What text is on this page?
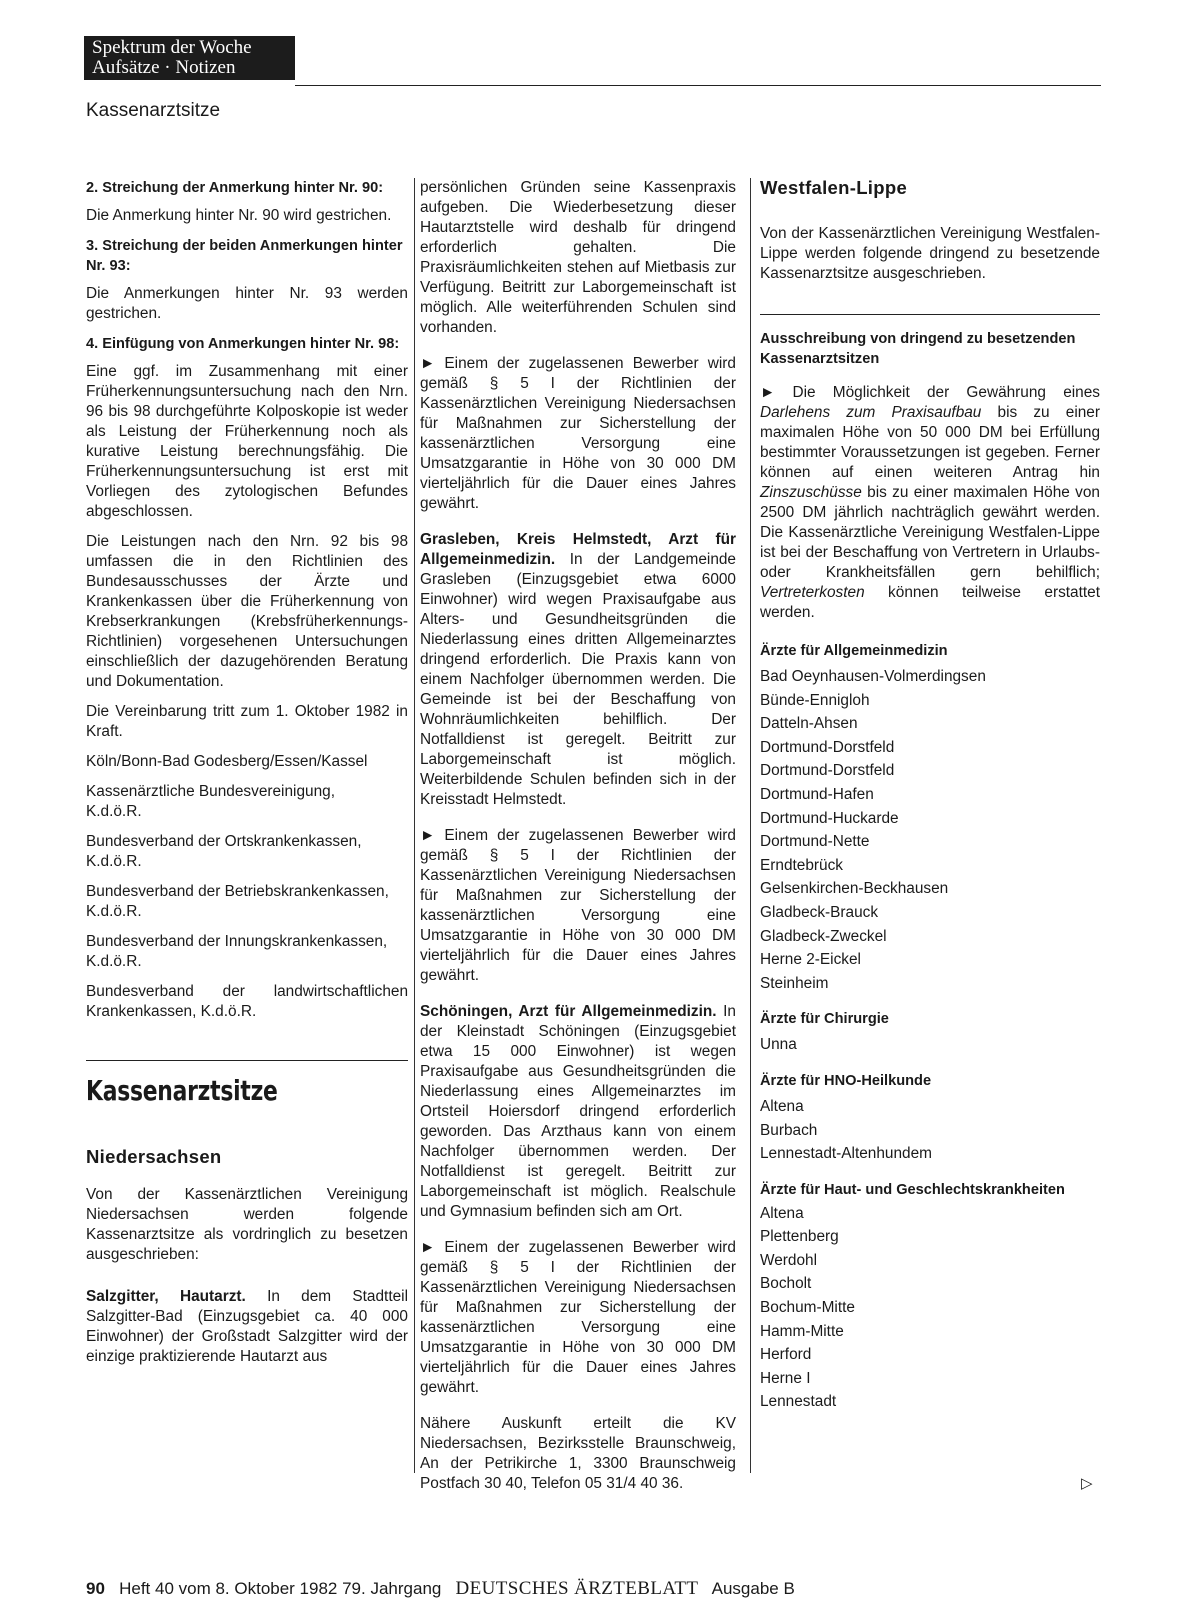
Spektrum der Woche
Aufsätze · Notizen
Kassenarztsitze
2. Streichung der Anmerkung hinter Nr. 90:

Die Anmerkung hinter Nr. 90 wird gestrichen.

3. Streichung der beiden Anmerkungen hinter Nr. 93:

Die Anmerkungen hinter Nr. 93 werden gestrichen.

4. Einfügung von Anmerkungen hinter Nr. 98:

Eine ggf. im Zusammenhang mit einer Früherkennungsuntersuchung nach den Nrn. 96 bis 98 durchgeführte Kolposkopie ist weder als Leistung der Früherkennung noch als kurative Leistung berechnungsfähig. Die Früherkennungsuntersuchung ist erst mit Vorliegen des zytologischen Befundes abgeschlossen.

Die Leistungen nach den Nrn. 92 bis 98 umfassen die in den Richtlinien des Bundesausschusses der Ärzte und Krankenkassen über die Früherkennung von Krebserkrankungen (Krebsfrüherkennungs-Richtlinien) vorgesehenen Untersuchungen einschließlich der dazugehörenden Beratung und Dokumentation.

Die Vereinbarung tritt zum 1. Oktober 1982 in Kraft.

Köln/Bonn-Bad Godesberg/Essen/Kassel

Kassenärztliche Bundesvereinigung,
K.d.ö.R.

Bundesverband der Ortskrankenkassen,
K.d.ö.R.

Bundesverband der Betriebskrankenkassen,
K.d.ö.R.

Bundesverband der Innungskrankenkassen,
K.d.ö.R.

Bundesverband der landwirtschaftlichen Krankenkassen, K.d.ö.R.

Kassenarztsitze
Niedersachsen

Von der Kassenärztlichen Vereinigung Niedersachsen werden folgende Kassenarztsitze als vordringlich zu besetzen ausgeschrieben:

Salzgitter, Hautarzt. In dem Stadtteil Salzgitter-Bad (Einzugsgebiet ca. 40 000 Einwohner) der Großstadt Salzgitter wird der einzige praktizierende Hautarzt aus

persönlichen Gründen seine Kassenpraxis aufgeben. Die Wiederbesetzung dieser Hautarztstelle wird deshalb für dringend erforderlich gehalten. Die Praxisräumlichkeiten stehen auf Mietbasis zur Verfügung. Beitritt zur Laborgemeinschaft ist möglich. Alle weiterführenden Schulen sind vorhanden.

► Einem der zugelassenen Bewerber wird gemäß § 5 I der Richtlinien der Kassenärztlichen Vereinigung Niedersachsen für Maßnahmen zur Sicherstellung der kassenärztlichen Versorgung eine Umsatzgarantie in Höhe von 30 000 DM vierteljährlich für die Dauer eines Jahres gewährt.

Grasleben, Kreis Helmstedt, Arzt für Allgemeinmedizin. In der Landgemeinde Grasleben (Einzugsgebiet etwa 6000 Einwohner) wird wegen Praxisaufgabe aus Alters- und Gesundheitsgründen die Niederlassung eines dritten Allgemeinarztes dringend erforderlich. Die Praxis kann von einem Nachfolger übernommen werden. Die Gemeinde ist bei der Beschaffung von Wohnräumlichkeiten behilflich. Der Notfalldienst ist geregelt. Beitritt zur Laborgemeinschaft ist möglich. Weiterbildende Schulen befinden sich in der Kreisstadt Helmstedt.

► Einem der zugelassenen Bewerber wird gemäß § 5 I der Richtlinien der Kassenärztlichen Vereinigung Niedersachsen für Maßnahmen zur Sicherstellung der kassenärztlichen Versorgung eine Umsatzgarantie in Höhe von 30 000 DM vierteljährlich für die Dauer eines Jahres gewährt.

Schöningen, Arzt für Allgemeinmedizin. In der Kleinstadt Schöningen (Einzugsgebiet etwa 15 000 Einwohner) ist wegen Praxisaufgabe aus Gesundheitsgründen die Niederlassung eines Allgemeinarztes im Ortsteil Hoiersdorf dringend erforderlich geworden. Das Arzthaus kann von einem Nachfolger übernommen werden. Der Notfalldienst ist geregelt. Beitritt zur Laborgemeinschaft ist möglich. Realschule und Gymnasium befinden sich am Ort.

► Einem der zugelassenen Bewerber wird gemäß § 5 I der Richtlinien der Kassenärztlichen Vereinigung Niedersachsen für Maßnahmen zur Sicherstellung der kassenärztlichen Versorgung eine Umsatzgarantie in Höhe von 30 000 DM vierteljährlich für die Dauer eines Jahres gewährt.

Nähere Auskunft erteilt die KV Niedersachsen, Bezirksstelle Braunschweig, An der Petrikirche 1, 3300 Braunschweig Postfach 30 40, Telefon 05 31/4 40 36.

Westfalen-Lippe

Von der Kassenärztlichen Vereinigung Westfalen-Lippe werden folgende dringend zu besetzende Kassenarztsitze ausgeschrieben.

Ausschreibung von dringend zu besetzenden Kassenarztsitzen

► Die Möglichkeit der Gewährung eines Darlehens zum Praxisaufbau bis zu einer maximalen Höhe von 50 000 DM bei Erfüllung bestimmter Voraussetzungen ist gegeben. Ferner können auf einen weiteren Antrag hin Zinszuschüsse bis zu einer maximalen Höhe von 2500 DM jährlich nachträglich gewährt werden. Die Kassenärztliche Vereinigung Westfalen-Lippe ist bei der Beschaffung von Vertretern in Urlaubs- oder Krankheitsfällen gern behilflich; Vertreterkosten können teilweise erstattet werden.

Ärzte für Allgemeinmedizin
Bad Oeynhausen-Volmerdingsen
Bünde-Ennigloh
Datteln-Ahsen
Dortmund-Dorstfeld
Dortmund-Dorstfeld
Dortmund-Hafen
Dortmund-Huckarde
Dortmund-Nette
Erndtebrück
Gelsenkirchen-Beckhausen
Gladbeck-Brauck
Gladbeck-Zweckel
Herne 2-Eickel
Steinheim
Ärzte für Chirurgie
Unna
Ärzte für HNO-Heilkunde
Altena
Burbach
Lennestadt-Altenhundem
Ärzte für Haut- und Geschlechtskrankheiten
Altena
Plettenberg
Werdohl
Bocholt
Bochum-Mitte
Hamm-Mitte
Herford
Herne I
Lennestadt
▷
90 Heft 40 vom 8. Oktober 1982 79. Jahrgang DEUTSCHES ÄRZTEBLATT Ausgabe B
